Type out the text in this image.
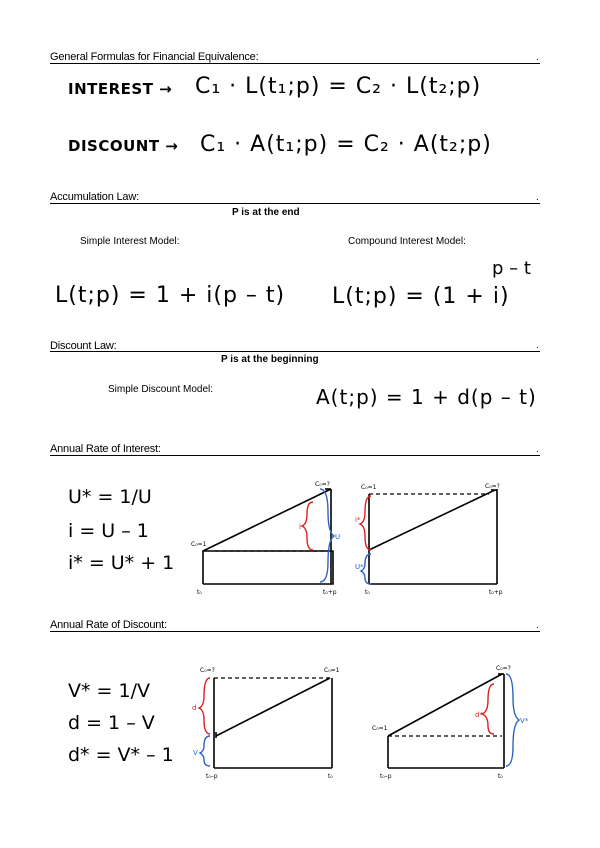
General Formulas for Financial Equivalence:	.
INTEREST → C₁ · L(t₁;p) = C₂ · L(t₂;p)
DISCOUNT → C₁ · A(t₁;p) = C₂ · A(t₂;p)
Accumulation Law:	.
P is at the end
Simple Interest Model:	Compound Interest Model:
L(t;p) = 1 + i(p – t) L(t;p) = (1 + i)
p – t
Discount Law:	.
P is at the beginning
Simple Discount Model:	A(t;p) = 1 + d(p – t)
Annual Rate of Interest:	.
U* = 1/U
i = U – 1
i* = U* + 1
C₀=1
C₀=?
t₀	t₀+p
i
U
C₀=1	C₀=?
t₀	t₀+p
i*
U*
Annual Rate of Discount:	.
V* = 1/V
d = 1 – V
d* = V* – 1
C₀=?	C₀=1
t₀–p	t₀
d
V
C₀=1
C₀=?
t₀–p	t₀
d*
V*
